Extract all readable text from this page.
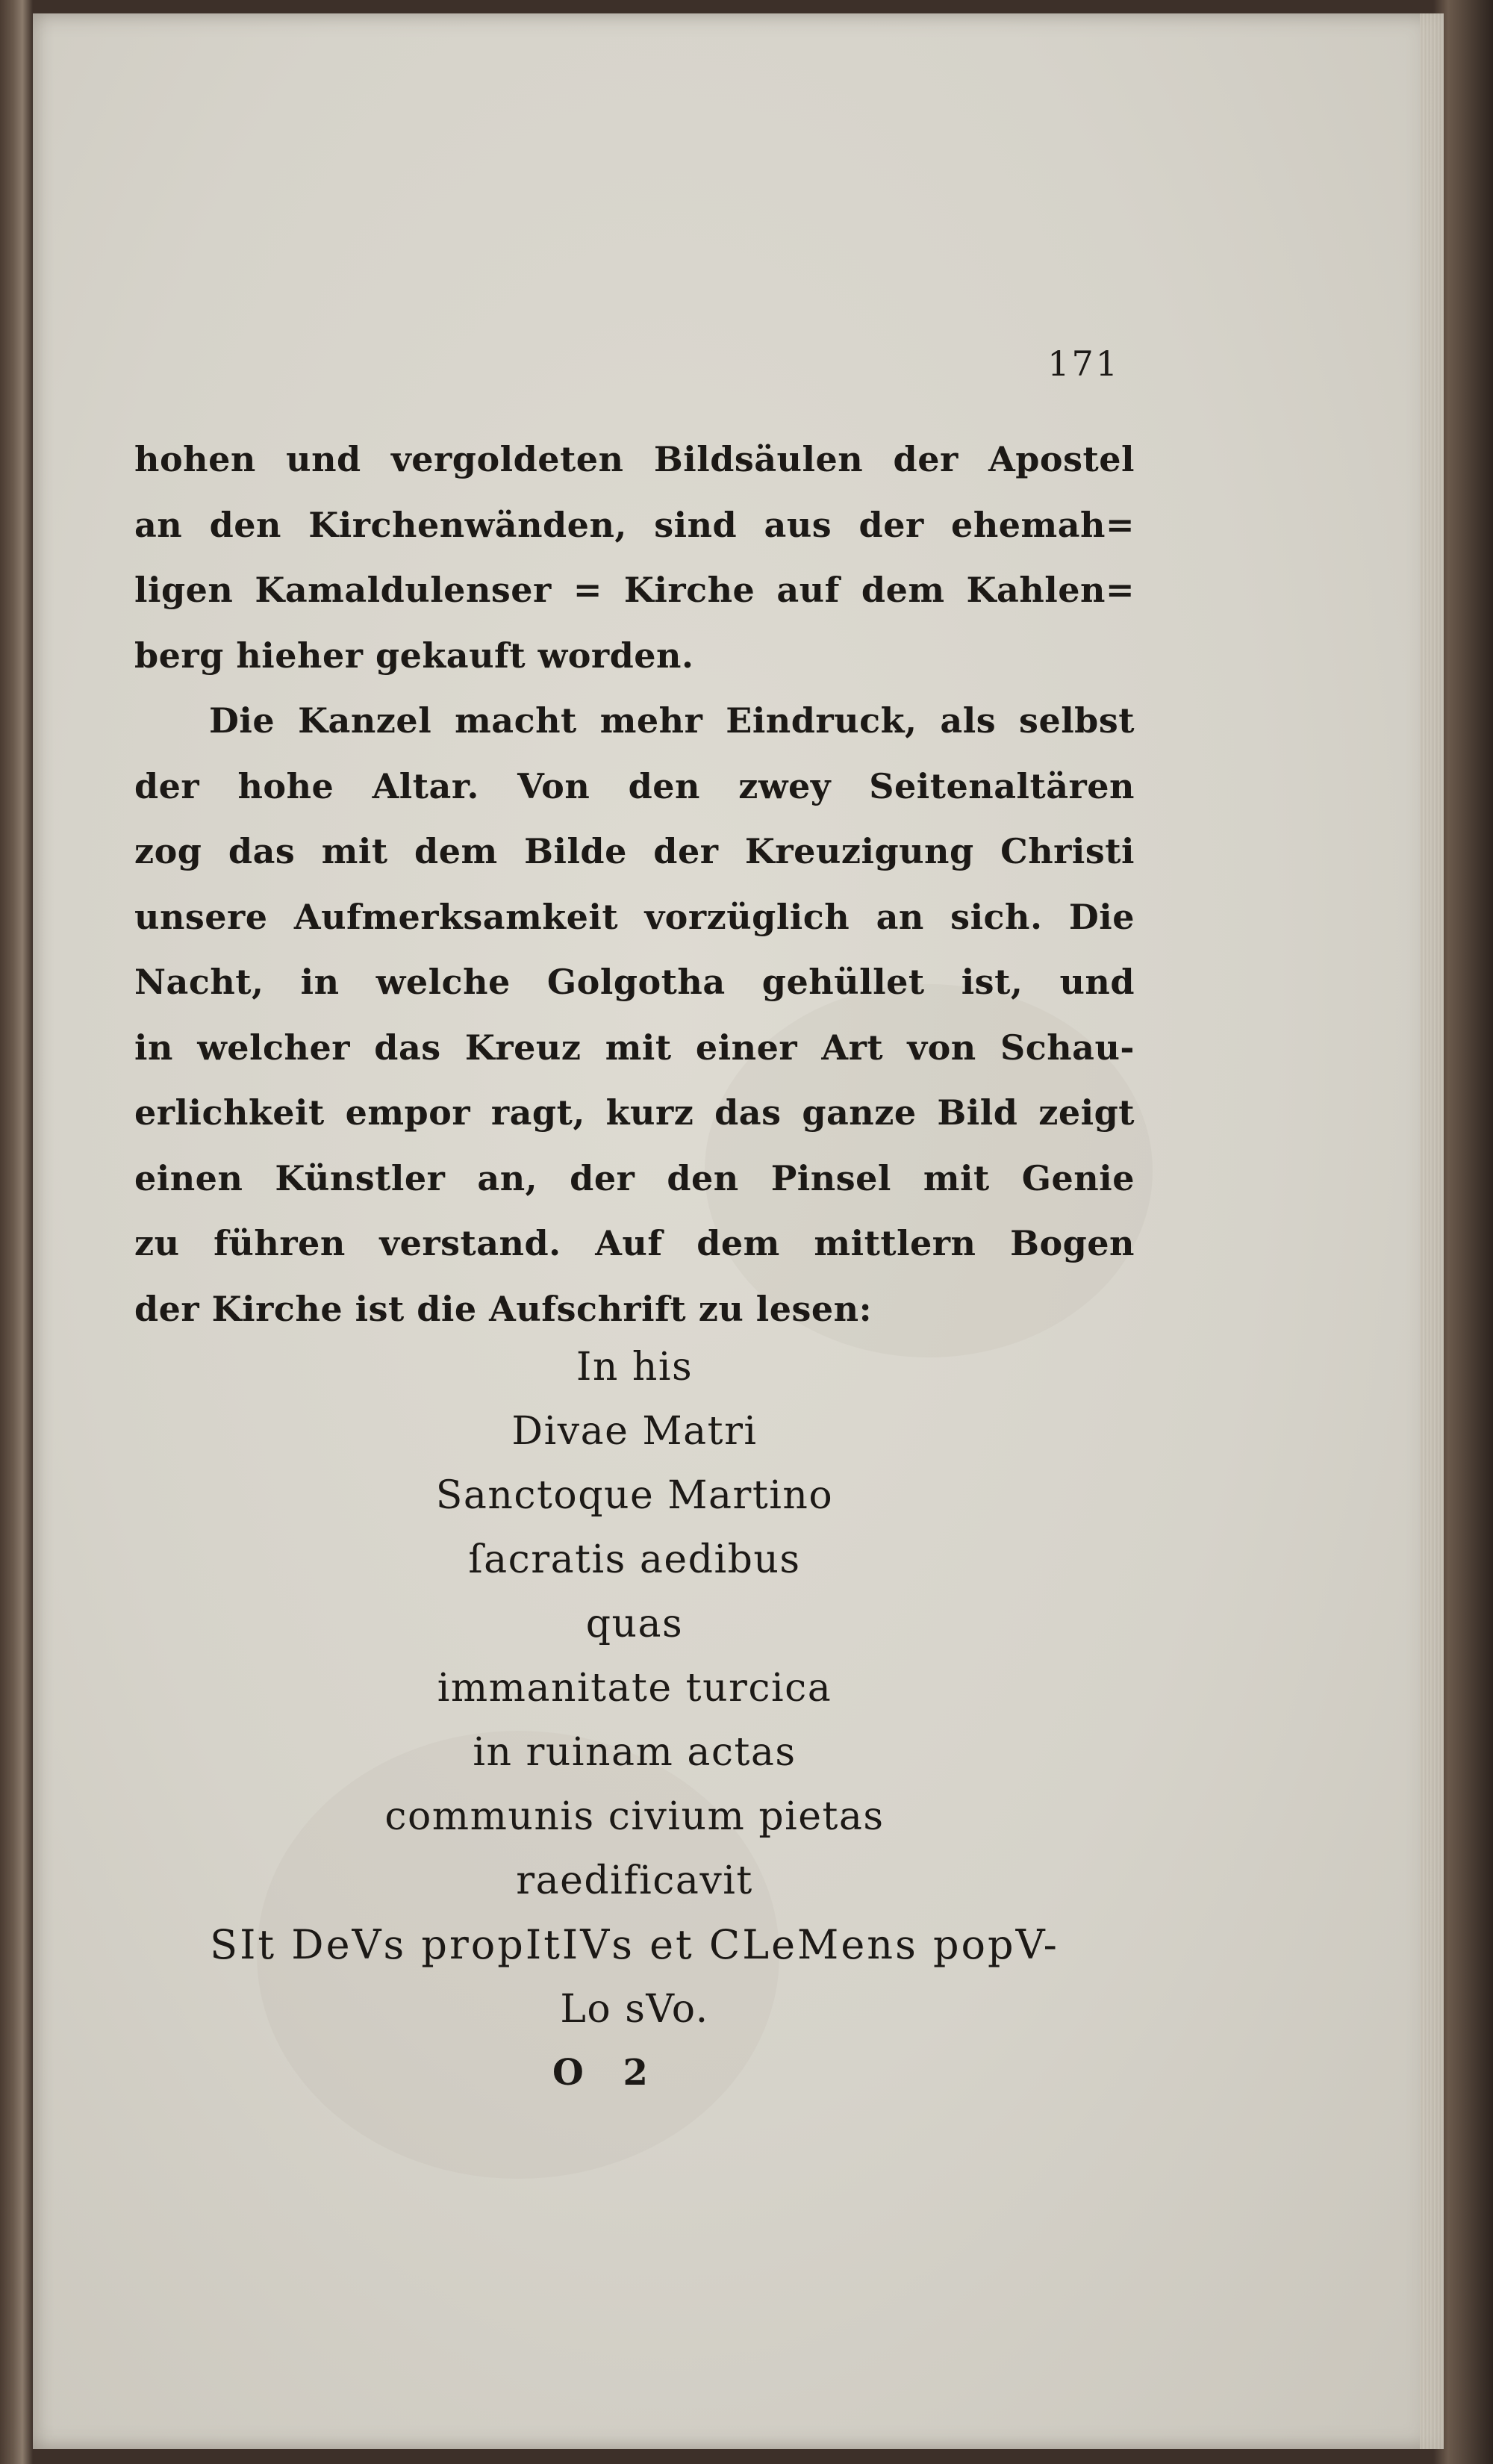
171
hohen und vergoldeten Bildsäulen der Apostel
an den Kirchenwänden, sind aus der ehemah=
ligen Kamaldulenser = Kirche auf dem Kahlen=
berg hieher gekauft worden.
Die Kanzel macht mehr Eindruck, als selbst
der hohe Altar. Von den zwey Seitenaltären
zog das mit dem Bilde der Kreuzigung Christi
unsere Aufmerksamkeit vorzüglich an sich. Die
Nacht, in welche Golgotha gehüllet ist, und
in welcher das Kreuz mit einer Art von Schau-
erlichkeit empor ragt, kurz das ganze Bild zeigt
einen Künstler an, der den Pinsel mit Genie
zu führen verstand. Auf dem mittlern Bogen
der Kirche ist die Aufschrift zu lesen:
In his
Divae Matri
Sanctoque Martino
ſacratis aedibus
quas
immanitate turcica
in ruinam actas
communis civium pietas
raedificavit
SIt DeVs propItIVs et CLeMens popV-
Lo sVo.
O 2
